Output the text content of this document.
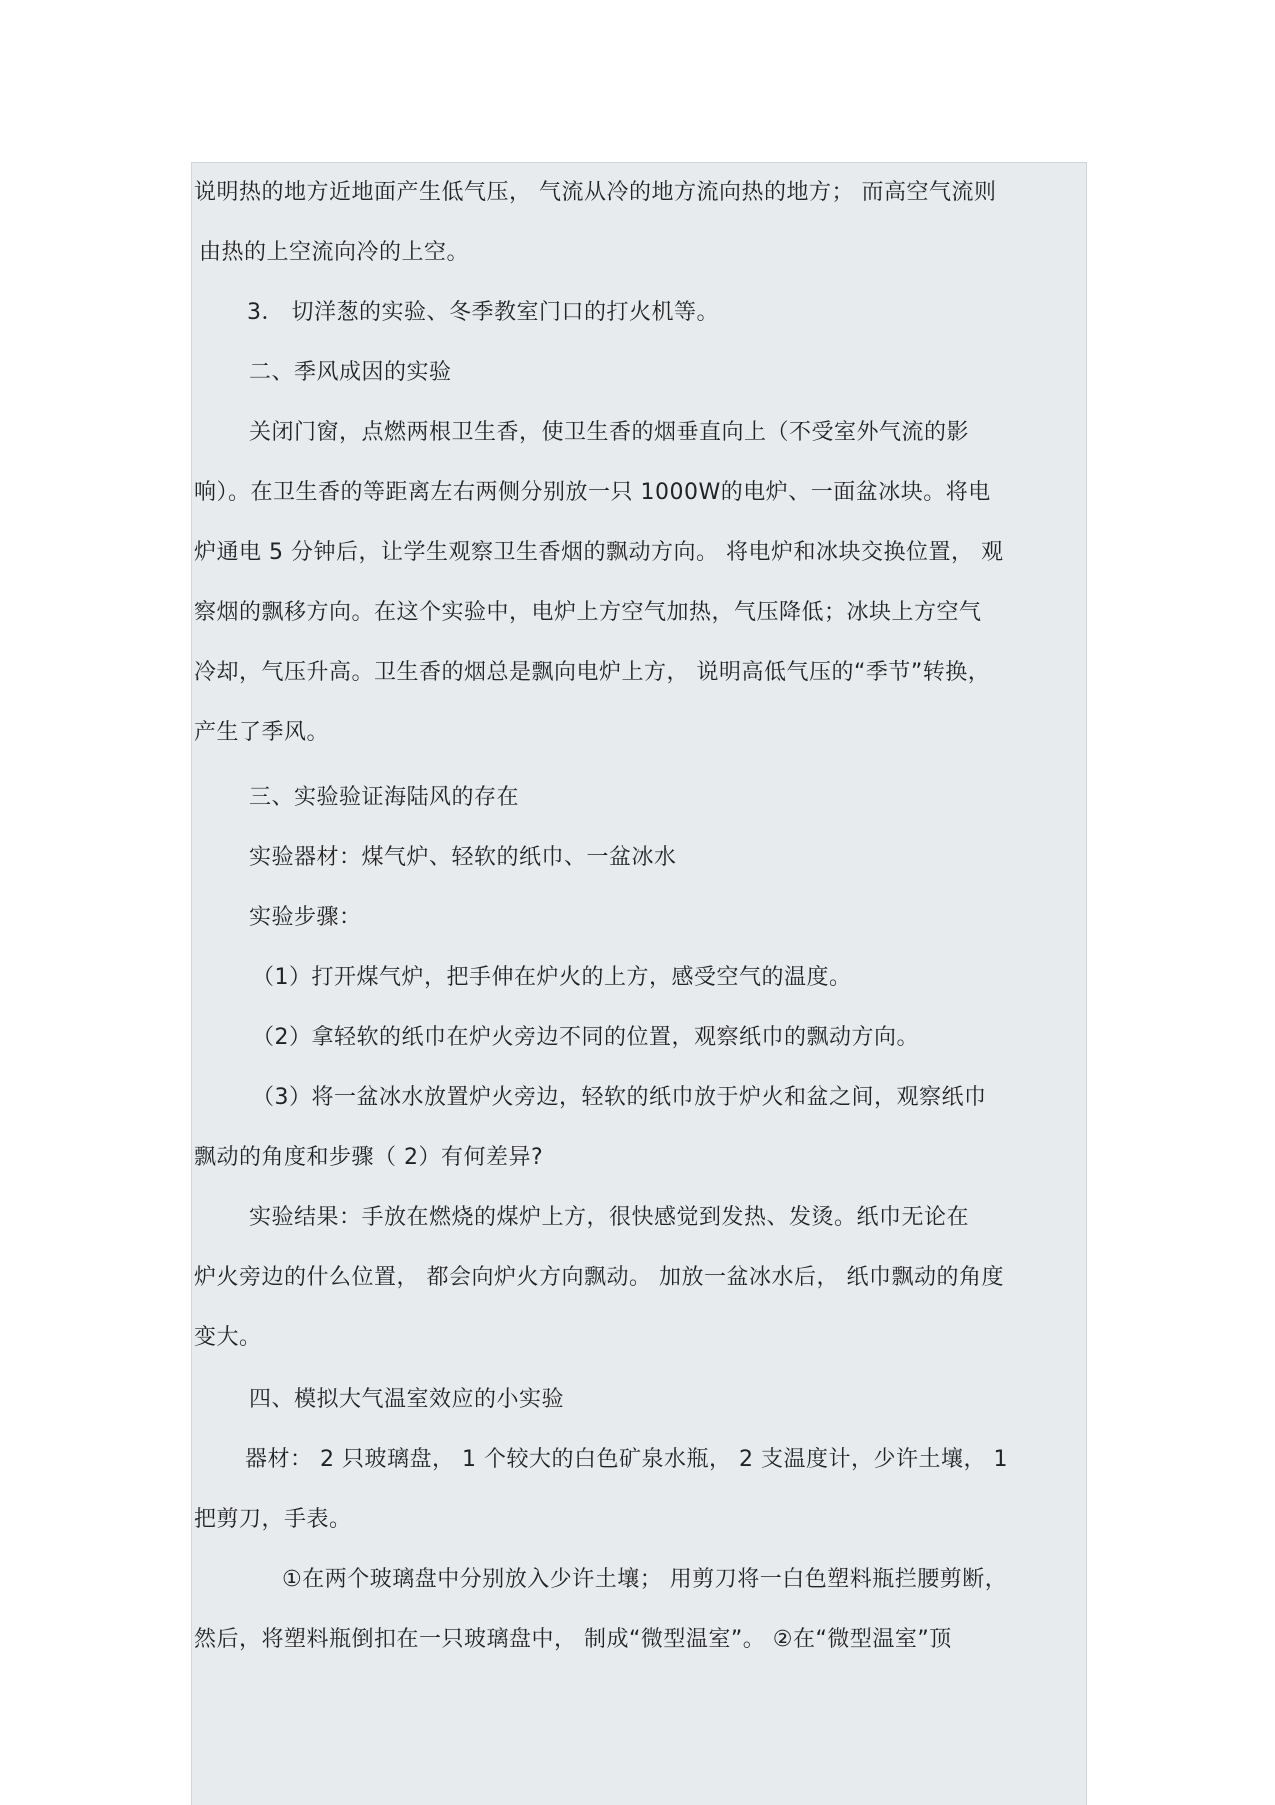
说明热的地方近地面产生低气压， 气流从冷的地方流向热的地方； 而高空气流则
由热的上空流向冷的上空。
3． 切洋葱的实验、冬季教室门口的打火机等。
二、季风成因的实验
关闭门窗，点燃两根卫生香，使卫生香的烟垂直向上（不受室外气流的影
响）。在卫生香的等距离左右两侧分别放一只 1000W的电炉、一面盆冰块。将电
炉通电 5 分钟后，让学生观察卫生香烟的飘动方向。 将电炉和冰块交换位置， 观
察烟的飘移方向。在这个实验中，电炉上方空气加热，气压降低；冰块上方空气
冷却，气压升高。卫生香的烟总是飘向电炉上方， 说明高低气压的“季节”转换，
产生了季风。
三、实验验证海陆风的存在
实验器材：煤气炉、轻软的纸巾、一盆冰水
实验步骤：
（1）打开煤气炉，把手伸在炉火的上方，感受空气的温度。
（2）拿轻软的纸巾在炉火旁边不同的位置，观察纸巾的飘动方向。
（3）将一盆冰水放置炉火旁边，轻软的纸巾放于炉火和盆之间，观察纸巾
飘动的角度和步骤（ 2）有何差异?
实验结果：手放在燃烧的煤炉上方，很快感觉到发热、发烫。纸巾无论在
炉火旁边的什么位置， 都会向炉火方向飘动。 加放一盆冰水后， 纸巾飘动的角度
变大。
四、模拟大气温室效应的小实验
器材： 2 只玻璃盘， 1 个较大的白色矿泉水瓶， 2 支温度计，少许土壤， 1
把剪刀，手表。
①在两个玻璃盘中分别放入少许土壤； 用剪刀将一白色塑料瓶拦腰剪断，
然后，将塑料瓶倒扣在一只玻璃盘中， 制成“微型温室”。 ②在“微型温室”顶
